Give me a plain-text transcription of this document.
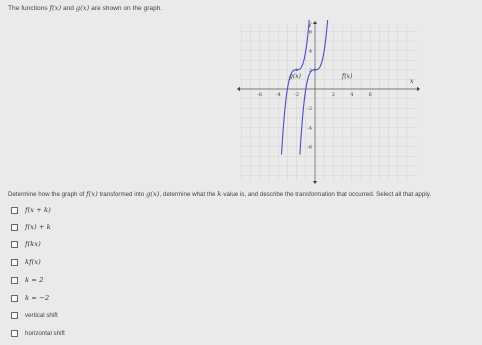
The functions f(x) and g(x) are shown on the graph.
-6	-4	-2	2	4	6
6
4
2
-2
-4
-6
x
y
g(x)	f(x)
Determine how the graph of f(x) transformed into g(x), determine what the k-value is, and describe the transformation that occurred. Select all that apply.
f(x + k)
f(x) + k
f(kx)
kf(x)
k = 2
k = −2
vertical shift
horizontal shift
